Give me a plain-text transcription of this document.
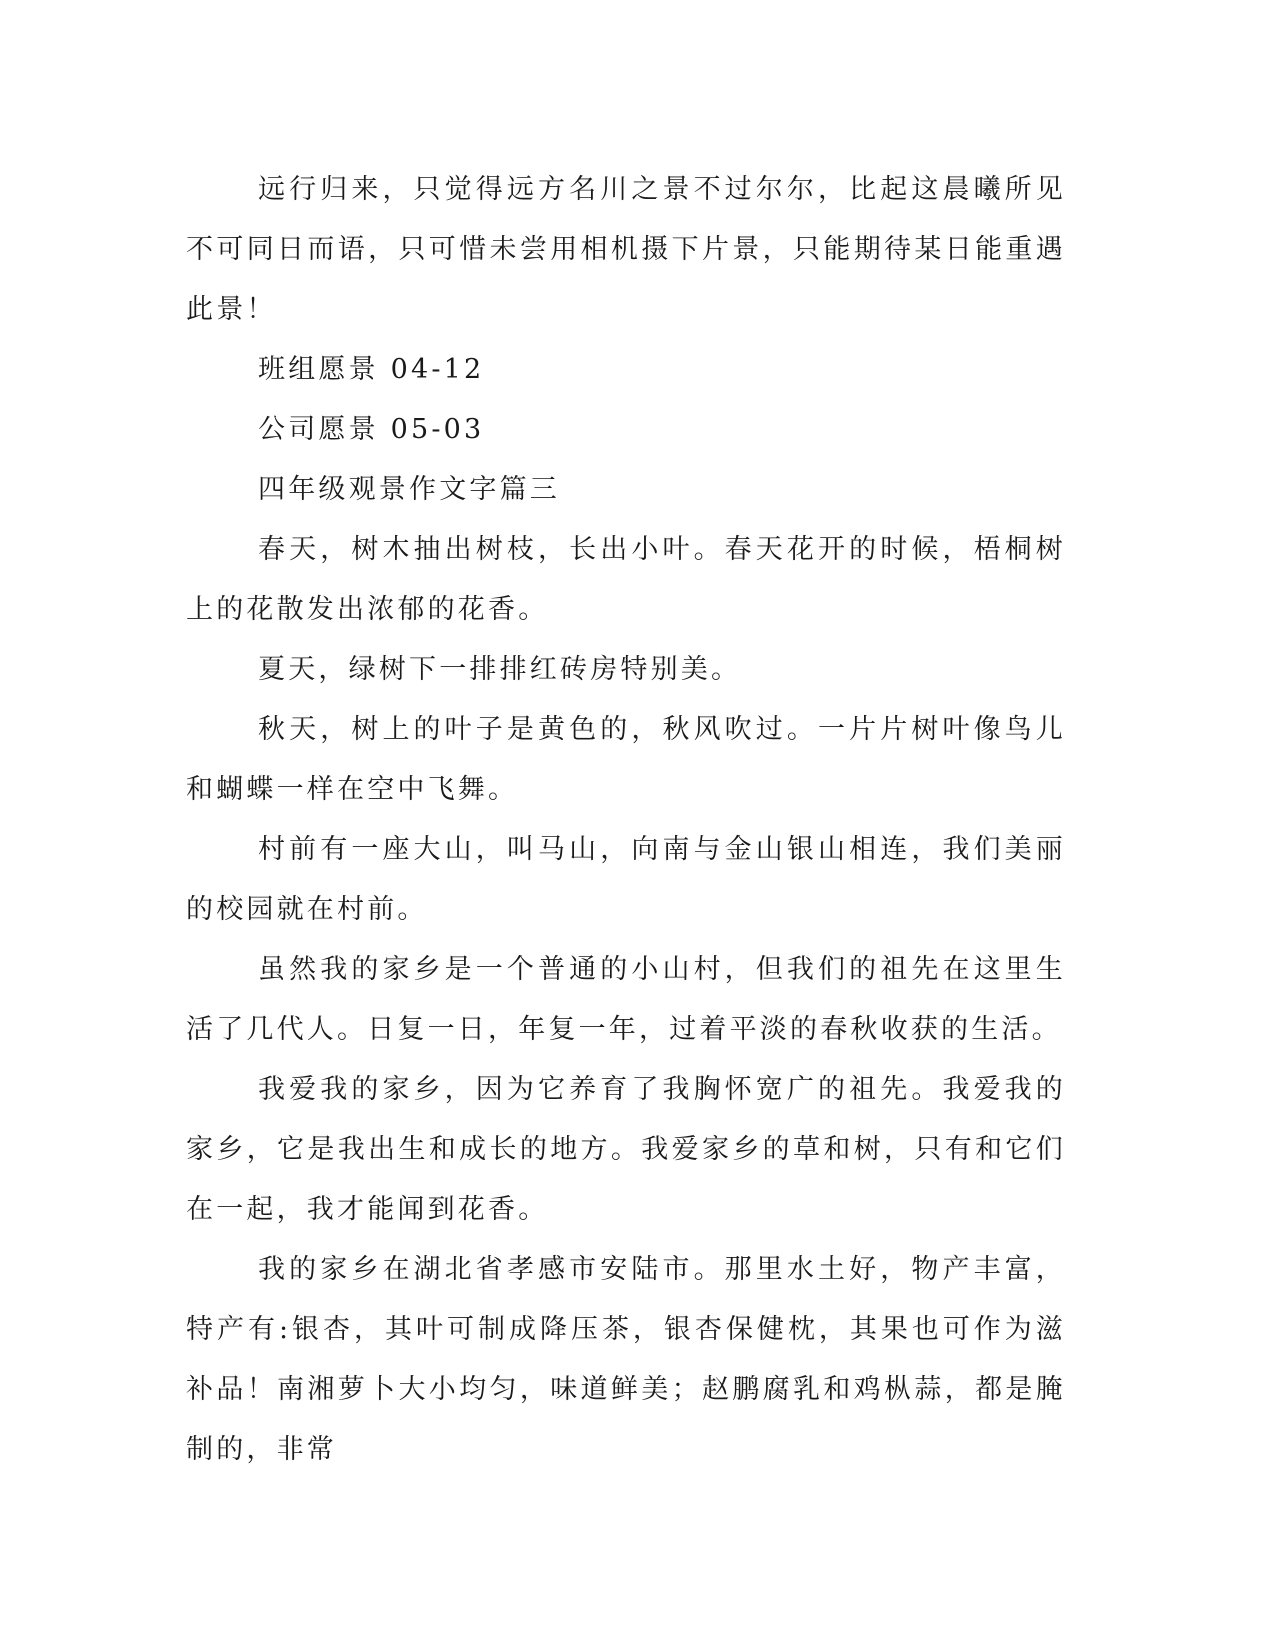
远行归来，只觉得远方名川之景不过尔尔，比起这晨曦所见不可同日而语，只可惜未尝用相机摄下片景，只能期待某日能重遇此景！

班组愿景 04-12

公司愿景 05-03

四年级观景作文字篇三

春天，树木抽出树枝，长出小叶。春天花开的时候，梧桐树上的花散发出浓郁的花香。

夏天，绿树下一排排红砖房特别美。

秋天，树上的叶子是黄色的，秋风吹过。一片片树叶像鸟儿和蝴蝶一样在空中飞舞。

村前有一座大山，叫马山，向南与金山银山相连，我们美丽的校园就在村前。

虽然我的家乡是一个普通的小山村，但我们的祖先在这里生活了几代人。日复一日，年复一年，过着平淡的春秋收获的生活。

我爱我的家乡，因为它养育了我胸怀宽广的祖先。我爱我的家乡，它是我出生和成长的地方。我爱家乡的草和树，只有和它们在一起，我才能闻到花香。

我的家乡在湖北省孝感市安陆市。那里水土好，物产丰富，特产有:银杏，其叶可制成降压茶，银杏保健枕，其果也可作为滋补品！南湘萝卜大小均匀，味道鲜美；赵鹏腐乳和鸡枞蒜，都是腌制的，非常
